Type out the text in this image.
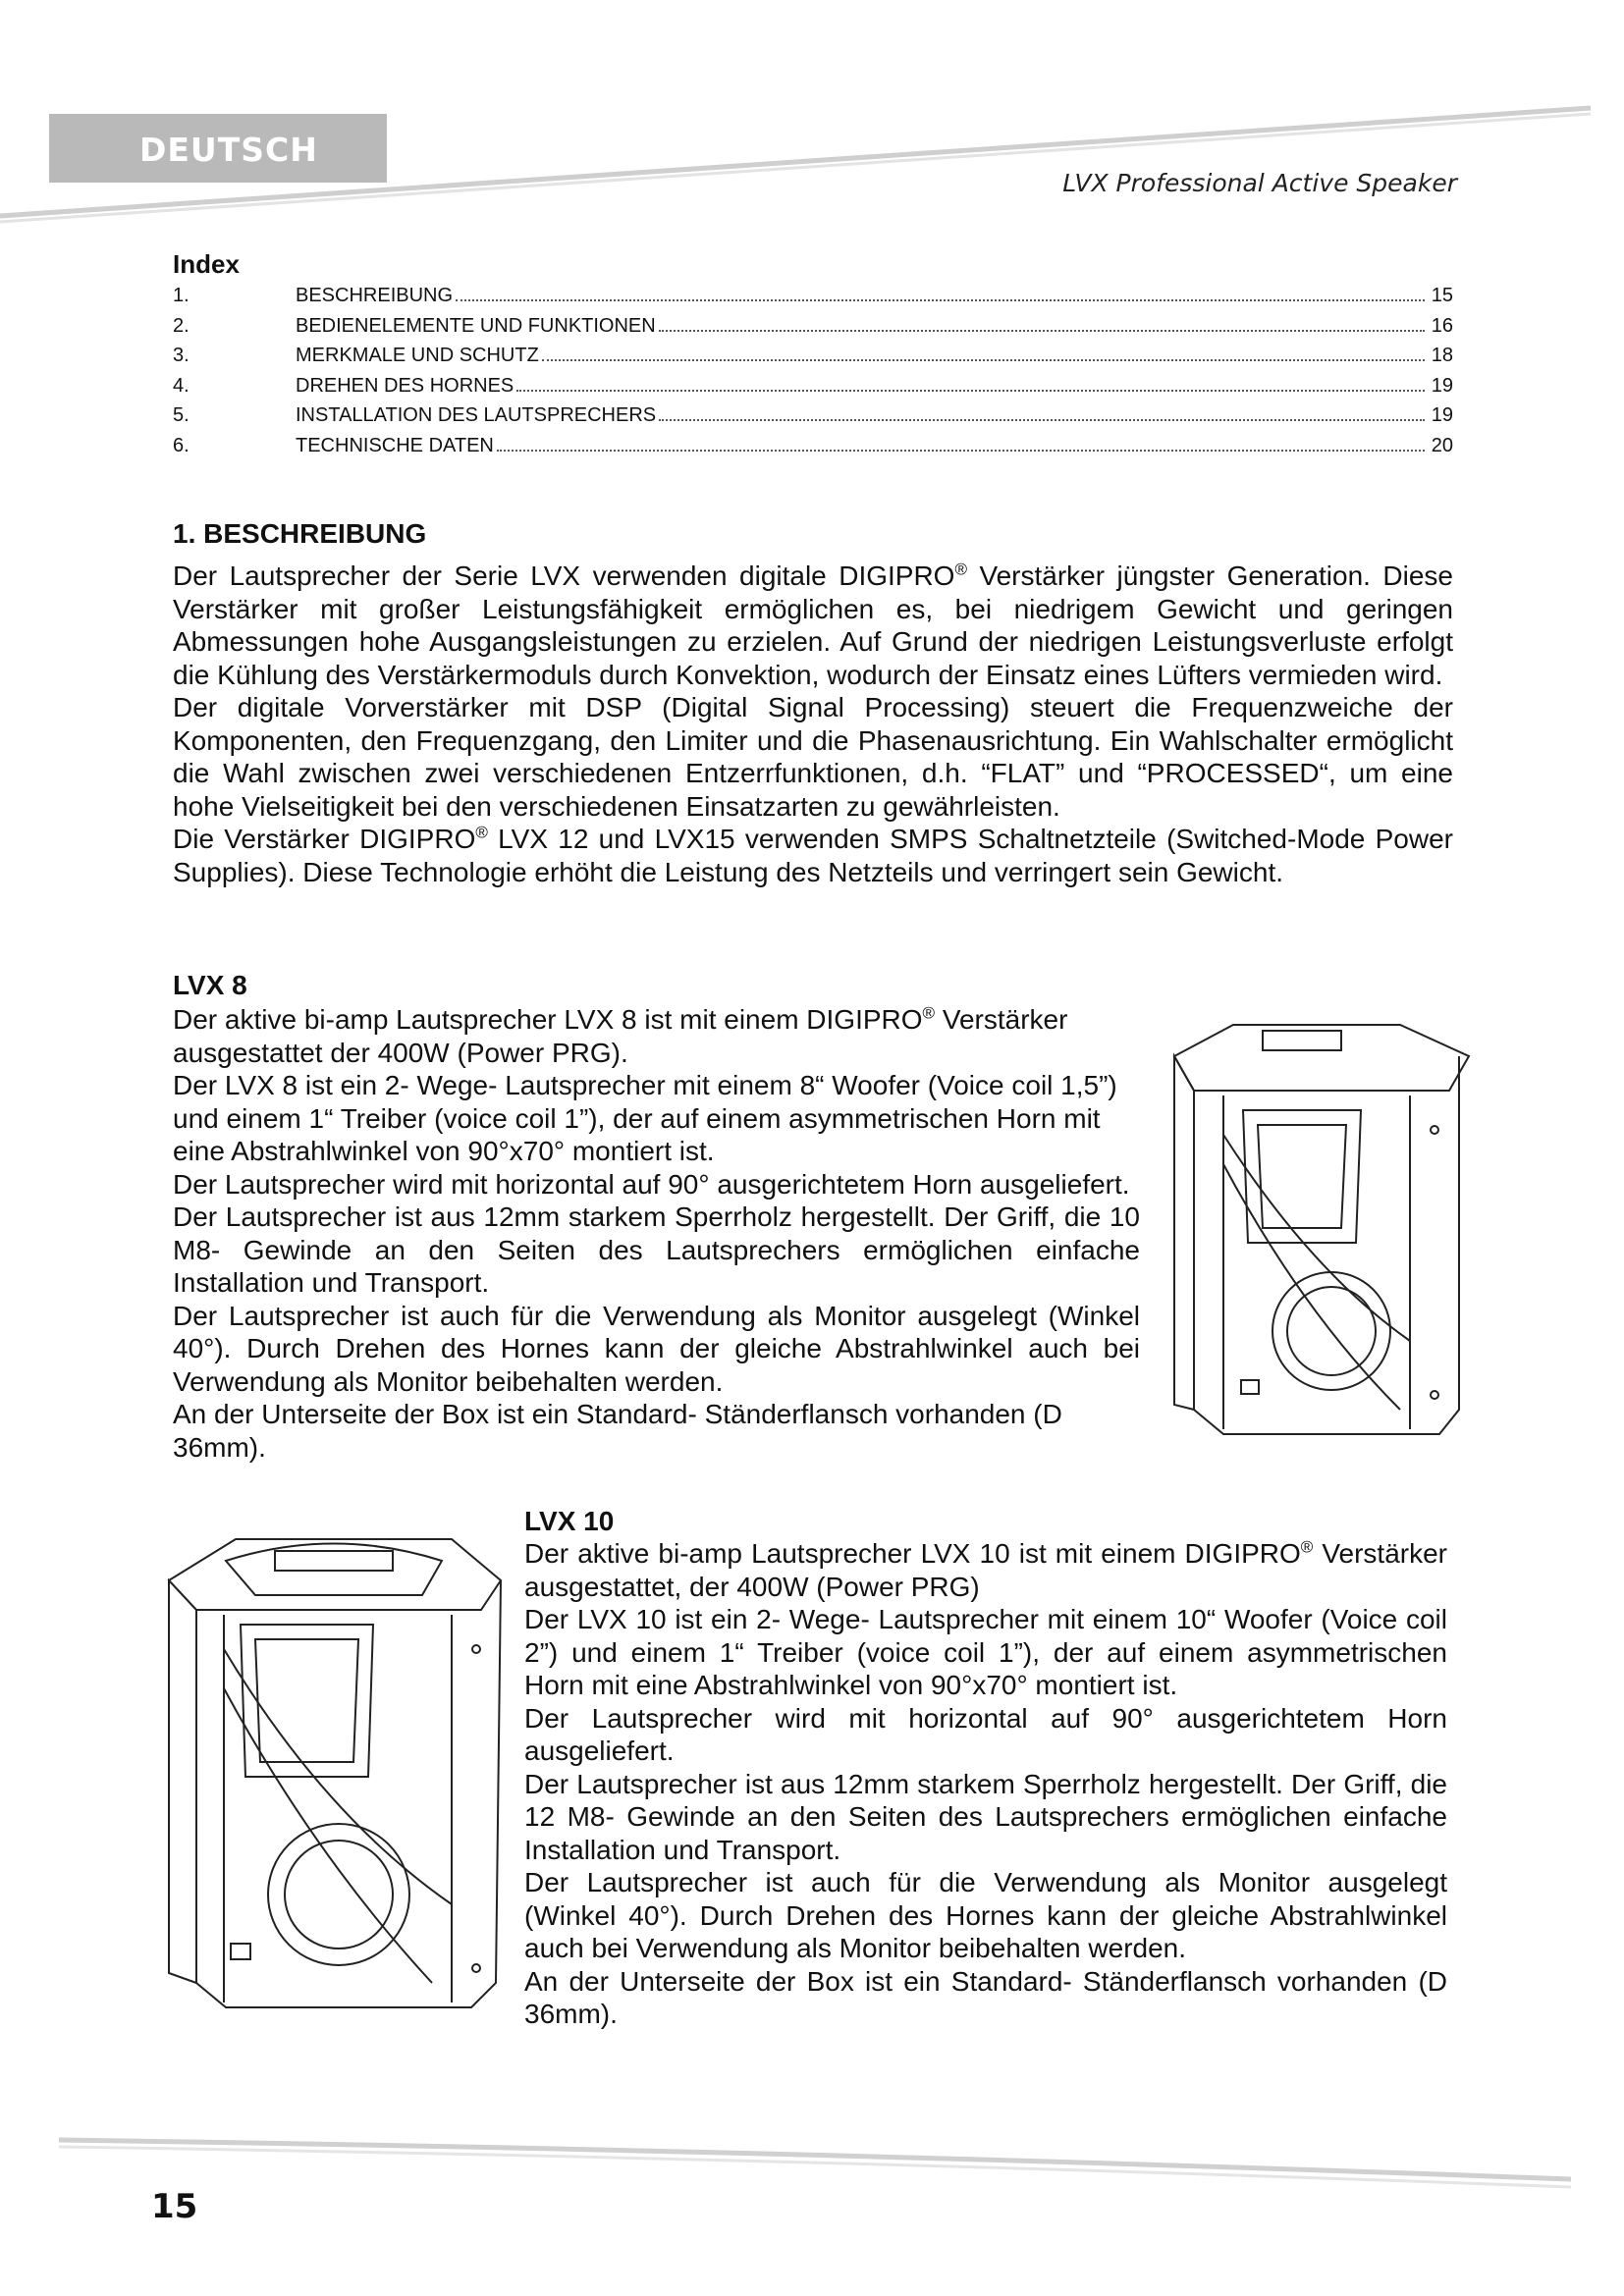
DEUTSCH
LVX Professional Active Speaker
Index
1.	BESCHREIBUNG	15
2.	BEDIENELEMENTE UND FUNKTIONEN	16
3.	MERKMALE UND SCHUTZ	18
4.	DREHEN DES HORNES	19
5.	INSTALLATION DES LAUTSPRECHERS	19
6.	TECHNISCHE DATEN	20
1. BESCHREIBUNG

Der Lautsprecher der Serie LVX verwenden digitale DIGIPRO® Verstärker jüngster Generation. Diese Verstärker mit großer Leistungsfähigkeit ermöglichen es, bei niedrigem Gewicht und geringen Abmessungen hohe Ausgangsleistungen zu erzielen. Auf Grund der niedrigen Leistungsverluste erfolgt die Kühlung des Verstärkermoduls durch Konvektion, wodurch der Einsatz eines Lüfters vermieden wird.

Der digitale Vorverstärker mit DSP (Digital Signal Processing) steuert die Frequenzweiche der Komponenten, den Frequenzgang, den Limiter und die Phasenausrichtung. Ein Wahlschalter ermöglicht die Wahl zwischen zwei verschiedenen Entzerrfunktionen, d.h. “FLAT” und “PROCESSED“, um eine hohe Vielseitigkeit bei den verschiedenen Einsatzarten zu gewährleisten.

Die Verstärker DIGIPRO® LVX 12 und LVX15 verwenden SMPS Schaltnetzteile (Switched-Mode Power Supplies). Diese Technologie erhöht die Leistung des Netzteils und verringert sein Gewicht.

LVX 8

Der aktive bi-amp Lautsprecher LVX 8 ist mit einem DIGIPRO® Verstärker ausgestattet der 400W (Power PRG).

Der LVX 8 ist ein 2- Wege- Lautsprecher mit einem 8“ Woofer (Voice coil 1,5”) und einem 1“ Treiber (voice coil 1”), der auf einem asymmetrischen Horn mit eine Abstrahlwinkel von 90°x70° montiert ist.

Der Lautsprecher wird mit horizontal auf 90° ausgerichtetem Horn ausgeliefert.

Der Lautsprecher ist aus 12mm starkem Sperrholz hergestellt. Der Griff, die 10 M8- Gewinde an den Seiten des Lautsprechers ermöglichen einfache Installation und Transport.

Der Lautsprecher ist auch für die Verwendung als Monitor ausgelegt (Winkel 40°). Durch Drehen des Hornes kann der gleiche Abstrahlwinkel auch bei Verwendung als Monitor beibehalten werden.

An der Unterseite der Box ist ein Standard- Ständerflansch vorhanden (D 36mm).

LVX 10

Der aktive bi-amp Lautsprecher LVX 10 ist mit einem DIGIPRO® Verstärker ausgestattet, der 400W (Power PRG)

Der LVX 10 ist ein 2- Wege- Lautsprecher mit einem 10“ Woofer (Voice coil 2”) und einem 1“ Treiber (voice coil 1”), der auf einem asymmetrischen Horn mit eine Abstrahlwinkel von 90°x70° montiert ist.

Der Lautsprecher wird mit horizontal auf 90° ausgerichtetem Horn ausgeliefert.

Der Lautsprecher ist aus 12mm starkem Sperrholz hergestellt. Der Griff, die 12 M8- Gewinde an den Seiten des Lautsprechers ermöglichen einfache Installation und Transport.

Der Lautsprecher ist auch für die Verwendung als Monitor ausgelegt (Winkel 40°). Durch Drehen des Hornes kann der gleiche Abstrahlwinkel auch bei Verwendung als Monitor beibehalten werden.

An der Unterseite der Box ist ein Standard- Ständerflansch vorhanden (D 36mm).

15
